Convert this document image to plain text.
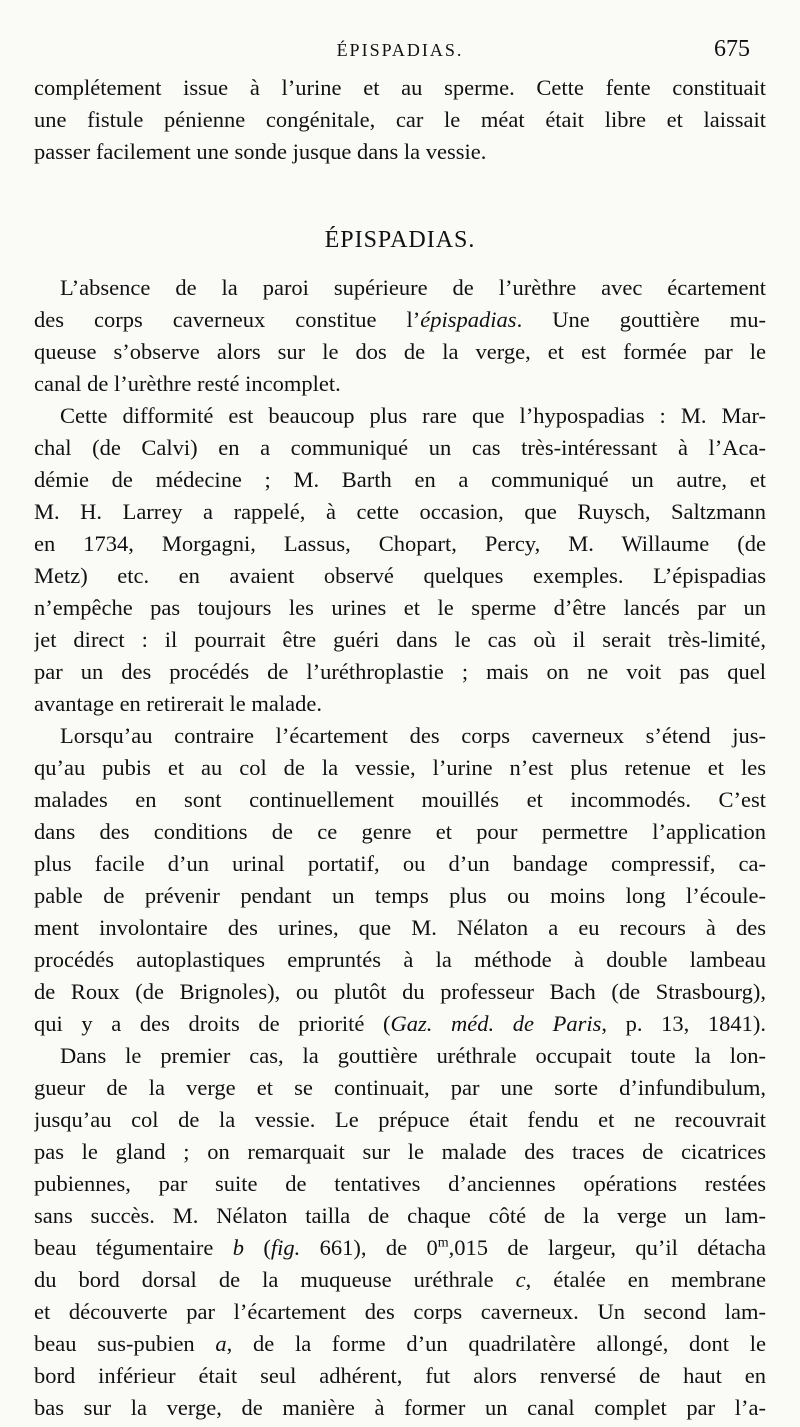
ÉPISPADIAS.	675
complétement issue à l’urine et au sperme. Cette fente constituait
une fistule pénienne congénitale, car le méat était libre et laissait
passer facilement une sonde jusque dans la vessie.
ÉPISPADIAS.
L’absence de la paroi supérieure de l’urèthre avec écartement
des corps caverneux constitue l’épispadias. Une gouttière mu-
queuse s’observe alors sur le dos de la verge, et est formée par le
canal de l’urèthre resté incomplet.
Cette difformité est beaucoup plus rare que l’hypospadias : M. Mar-
chal (de Calvi) en a communiqué un cas très-intéressant à l’Aca-
démie de médecine ; M. Barth en a communiqué un autre, et
M. H. Larrey a rappelé, à cette occasion, que Ruysch, Saltzmann
en 1734, Morgagni, Lassus, Chopart, Percy, M. Willaume (de
Metz) etc. en avaient observé quelques exemples. L’épispadias
n’empêche pas toujours les urines et le sperme d’être lancés par un
jet direct : il pourrait être guéri dans le cas où il serait très-limité,
par un des procédés de l’uréthroplastie ; mais on ne voit pas quel
avantage en retirerait le malade.
Lorsqu’au contraire l’écartement des corps caverneux s’étend jus-
qu’au pubis et au col de la vessie, l’urine n’est plus retenue et les
malades en sont continuellement mouillés et incommodés. C’est
dans des conditions de ce genre et pour permettre l’application
plus facile d’un urinal portatif, ou d’un bandage compressif, ca-
pable de prévenir pendant un temps plus ou moins long l’écoule-
ment involontaire des urines, que M. Nélaton a eu recours à des
procédés autoplastiques empruntés à la méthode à double lambeau
de Roux (de Brignoles), ou plutôt du professeur Bach (de Strasbourg),
qui y a des droits de priorité (Gaz. méd. de Paris, p. 13, 1841).
Dans le premier cas, la gouttière uréthrale occupait toute la lon-
gueur de la verge et se continuait, par une sorte d’infundibulum,
jusqu’au col de la vessie. Le prépuce était fendu et ne recouvrait
pas le gland ; on remarquait sur le malade des traces de cicatrices
pubiennes, par suite de tentatives d’anciennes opérations restées
sans succès. M. Nélaton tailla de chaque côté de la verge un lam-
beau tégumentaire b (fig. 661), de 0$^m$,015 de largeur, qu’il détacha
du bord dorsal de la muqueuse uréthrale c, étalée en membrane
et découverte par l’écartement des corps caverneux. Un second lam-
beau sus-pubien a, de la forme d’un quadrilatère allongé, dont le
bord inférieur était seul adhérent, fut alors renversé de haut en
bas sur la verge, de manière à former un canal complet par l’a-
